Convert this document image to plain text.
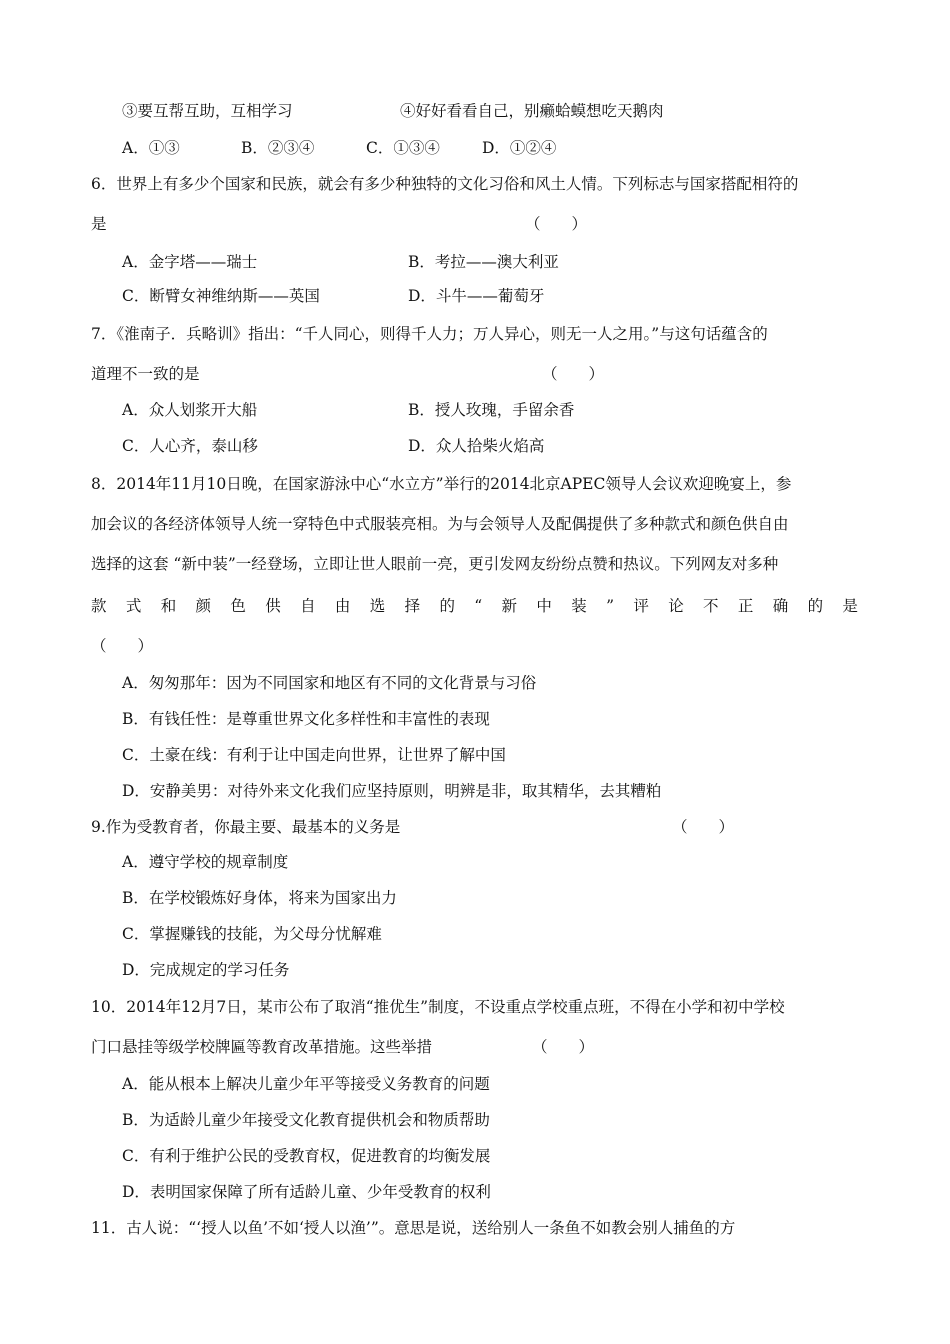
③要互帮互助，互相学习	④好好看看自己，别癞蛤蟆想吃天鹅肉
A．①③	B．②③④	C．①③④	D．①②④
6．世界上有多少个国家和民族，就会有多少种独特的文化习俗和风土人情。下列标志与国家搭配相符的
是	（　　）
A．金字塔——瑞士	B．考拉——澳大利亚
C．断臂女神维纳斯——英国	D．斗牛——葡萄牙
7．《淮南子．兵略训》指出：“千人同心，则得千人力；万人异心，则无一人之用。”与这句话蕴含的
道理不一致的是	（　　）
A．众人划浆开大船	B．授人玫瑰，手留余香
C．人心齐，泰山移	D．众人拾柴火焰高
8．2014年11月10日晚，在国家游泳中心“水立方”举行的2014北京APEC领导人会议欢迎晚宴上，参
加会议的各经济体领导人统一穿特色中式服装亮相。为与会领导人及配偶提供了多种款式和颜色供自由
选择的这套 “新中装”一经登场，立即让世人眼前一亮，更引发网友纷纷点赞和热议。下列网友对多种
款 式 和 颜 色 供 自 由 选 择 的 “ 新 中 装 ” 评 论 不 正 确 的 是
（　　）
A．匆匆那年：因为不同国家和地区有不同的文化背景与习俗
B．有钱任性：是尊重世界文化多样性和丰富性的表现
C．土豪在线：有利于让中国走向世界，让世界了解中国
D．安静美男：对待外来文化我们应坚持原则，明辨是非，取其精华，去其糟粕
9.作为受教育者，你最主要、最基本的义务是	（　　）
A．遵守学校的规章制度
B．在学校锻炼好身体，将来为国家出力
C．掌握赚钱的技能，为父母分忧解难
D．完成规定的学习任务
10．2014年12月7日，某市公布了取消“推优生”制度，不设重点学校重点班，不得在小学和初中学校
门口悬挂等级学校牌匾等教育改革措施。这些举措	（　　）
A．能从根本上解决儿童少年平等接受义务教育的问题
B．为适龄儿童少年接受文化教育提供机会和物质帮助
C．有利于维护公民的受教育权，促进教育的均衡发展
D．表明国家保障了所有适龄儿童、少年受教育的权利
11．古人说：“‘授人以鱼’不如‘授人以渔’”。意思是说，送给别人一条鱼不如教会别人捕鱼的方
